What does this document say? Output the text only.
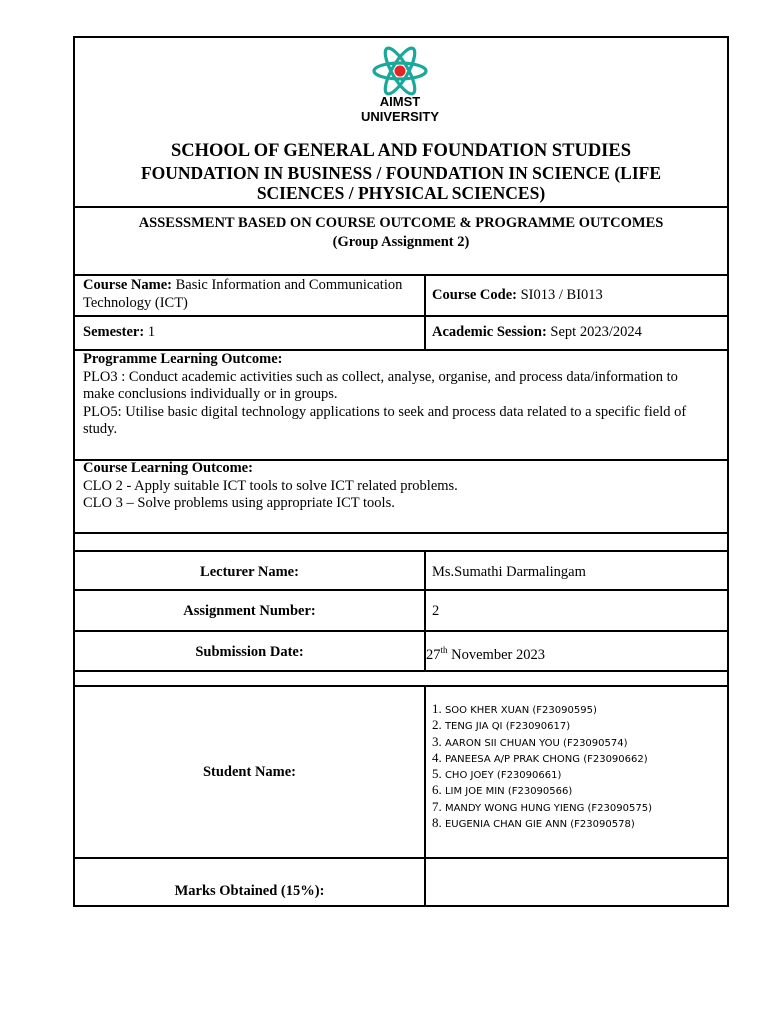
AIMST
UNIVERSITY
SCHOOL OF GENERAL AND FOUNDATION STUDIES
FOUNDATION IN BUSINESS / FOUNDATION IN SCIENCE (LIFE
SCIENCES / PHYSICAL SCIENCES)
ASSESSMENT BASED ON COURSE OUTCOME & PROGRAMME OUTCOMES
(Group Assignment 2)
Course Name: Basic Information and Communication
Technology (ICT)	Course Code: SI013 / BI013
Semester: 1	Academic Session: Sept 2023/2024
Programme Learning Outcome:
PLO3 : Conduct academic activities such as collect, analyse, organise, and process data/information to
make conclusions individually or in groups.
PLO5: Utilise basic digital technology applications to seek and process data related to a specific field of
study.
Course Learning Outcome:
CLO 2 - Apply suitable ICT tools to solve ICT related problems.
CLO 3 – Solve problems using appropriate ICT tools.
Lecturer Name:	Ms.Sumathi Darmalingam
Assignment Number:	2
Submission Date:	27th November 2023
Student Name:
1. SOO KHER XUAN (F23090595)
2. TENG JIA QI (F23090617)
3. AARON SII CHUAN YOU (F23090574)
4. PANEESA A/P PRAK CHONG (F23090662)
5. CHO JOEY (F23090661)
6. LIM JOE MIN (F23090566)
7. MANDY WONG HUNG YIENG (F23090575)
8. EUGENIA CHAN GIE ANN (F23090578)
Marks Obtained (15%):
